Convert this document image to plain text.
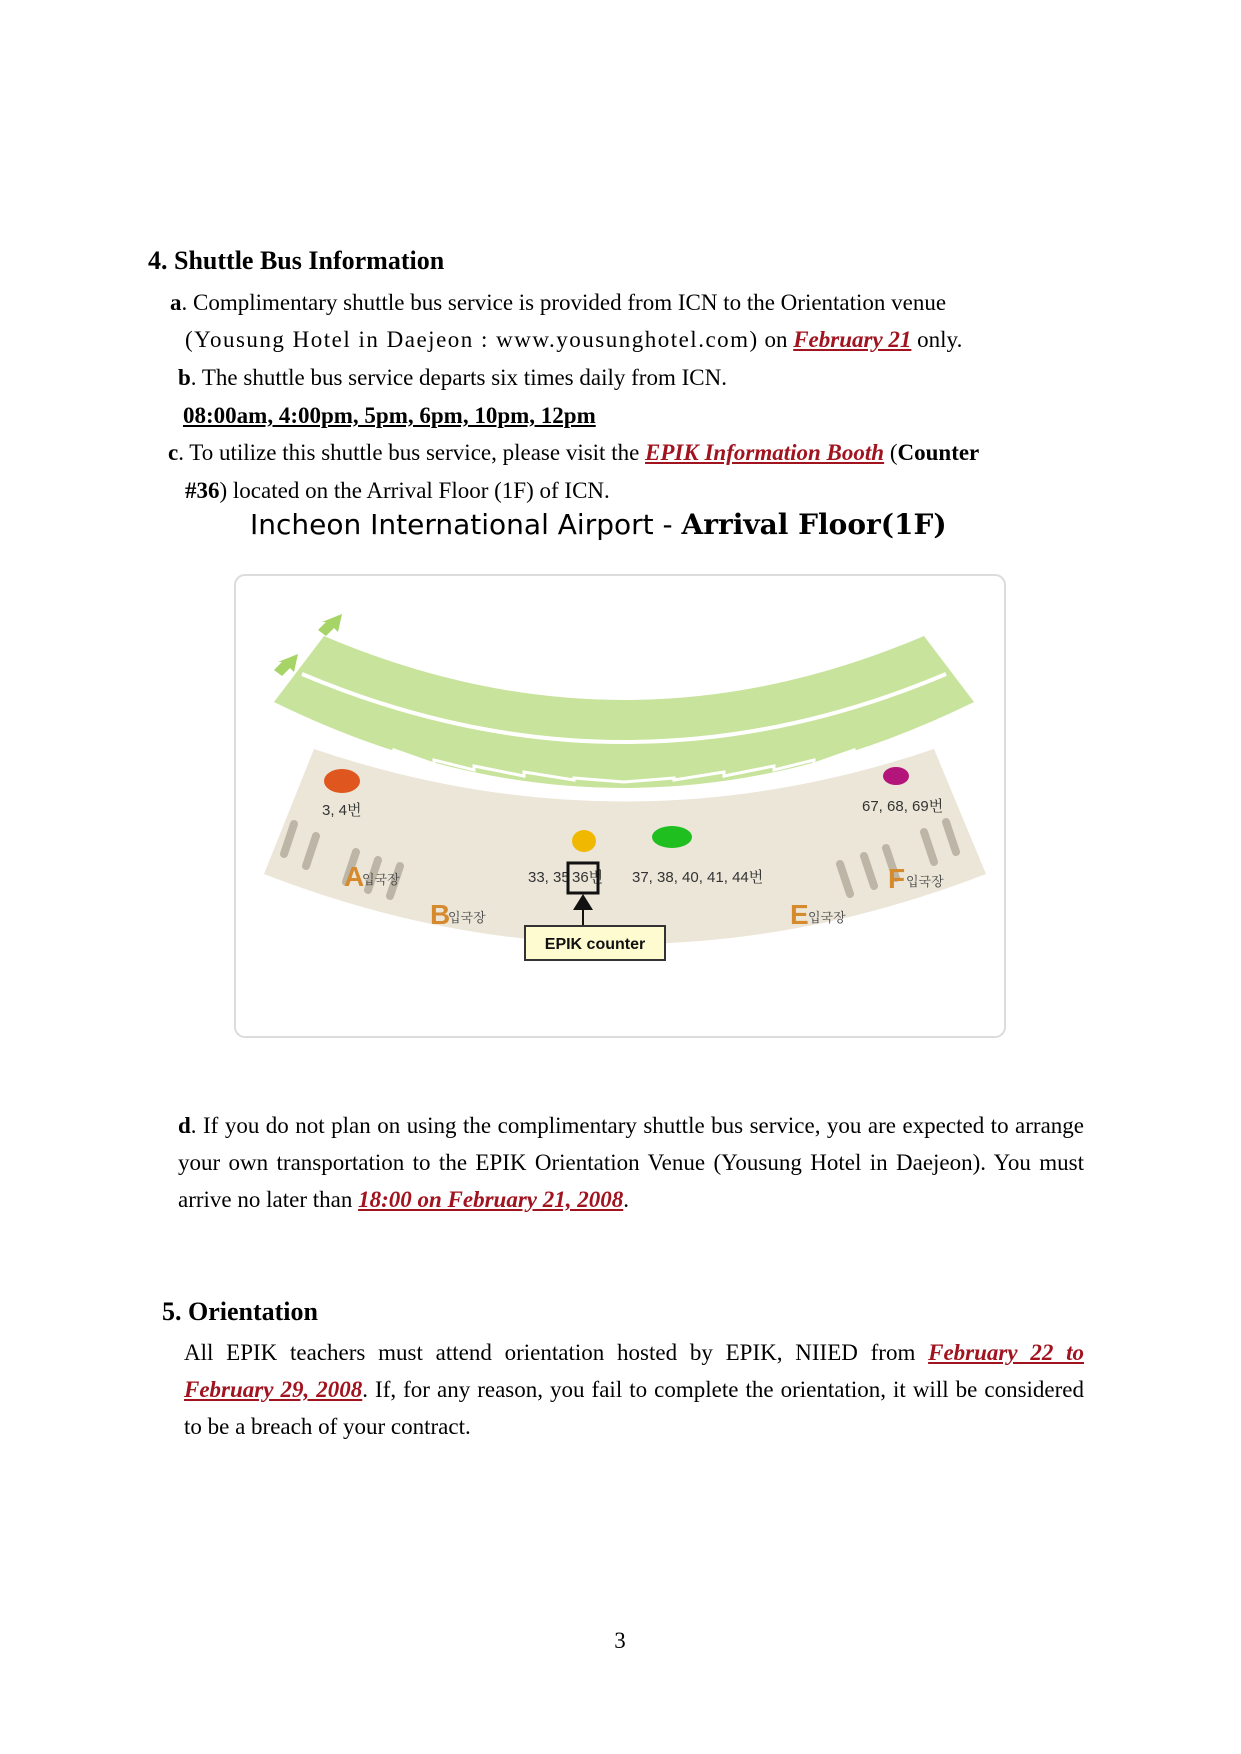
4. Shuttle Bus Information
a. Complimentary shuttle bus service is provided from ICN to the Orientation venue
(Yousung Hotel in Daejeon : www.yousunghotel.com) on February 21 only.
b. The shuttle bus service departs six times daily from ICN.
08:00am, 4:00pm, 5pm, 6pm, 10pm, 12pm
c. To utilize this shuttle bus service, please visit the EPIK Information Booth (Counter
#36) located on the Arrival Floor (1F) of ICN.
Incheon International Airport - Arrival Floor(1F)
3, 4번
33, 35 36번 37, 38, 40, 41, 44번
67, 68, 69번
EPIK counter
A
입국장
B
입국장	E 입국장
F 입국장
d. If you do not plan on using the complimentary shuttle bus service, you are expected to arrange your own transportation to the EPIK Orientation Venue (Yousung Hotel in Daejeon). You must arrive no later than 18:00 on February 21, 2008.
5. Orientation
All EPIK teachers must attend orientation hosted by EPIK, NIIED from February 22 to February 29, 2008. If, for any reason, you fail to complete the orientation, it will be considered to be a breach of your contract.
3
